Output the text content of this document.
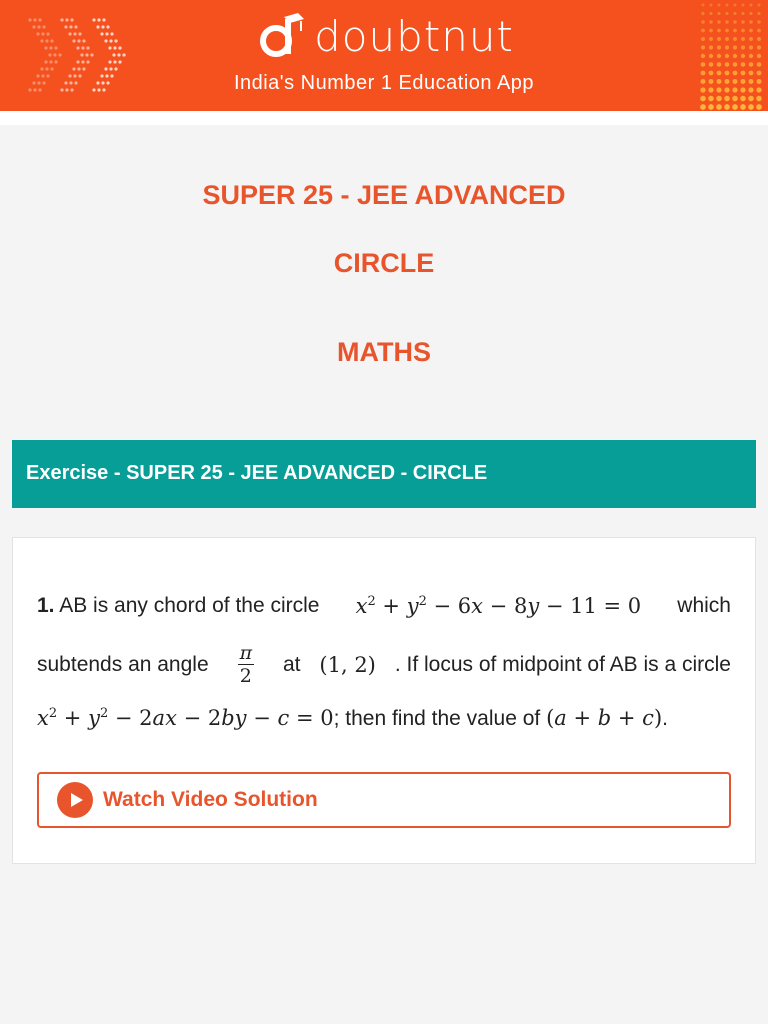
doubtnut
India's Number 1 Education App
SUPER 25 - JEE ADVANCED
CIRCLE
MATHS
Exercise - SUPER 25 - JEE ADVANCED - CIRCLE
1. AB is any chord of the circle $x^2 + y^2 - 6x - 8y - 11 = 0$ which
subtends an angle $\frac{\pi}{2}$ at (1, 2) . If locus of midpoint of AB is a circle
$x^2 + y^2 - 2ax - 2by - c = 0$; then find the value of (a + b + c).
Watch Video Solution
